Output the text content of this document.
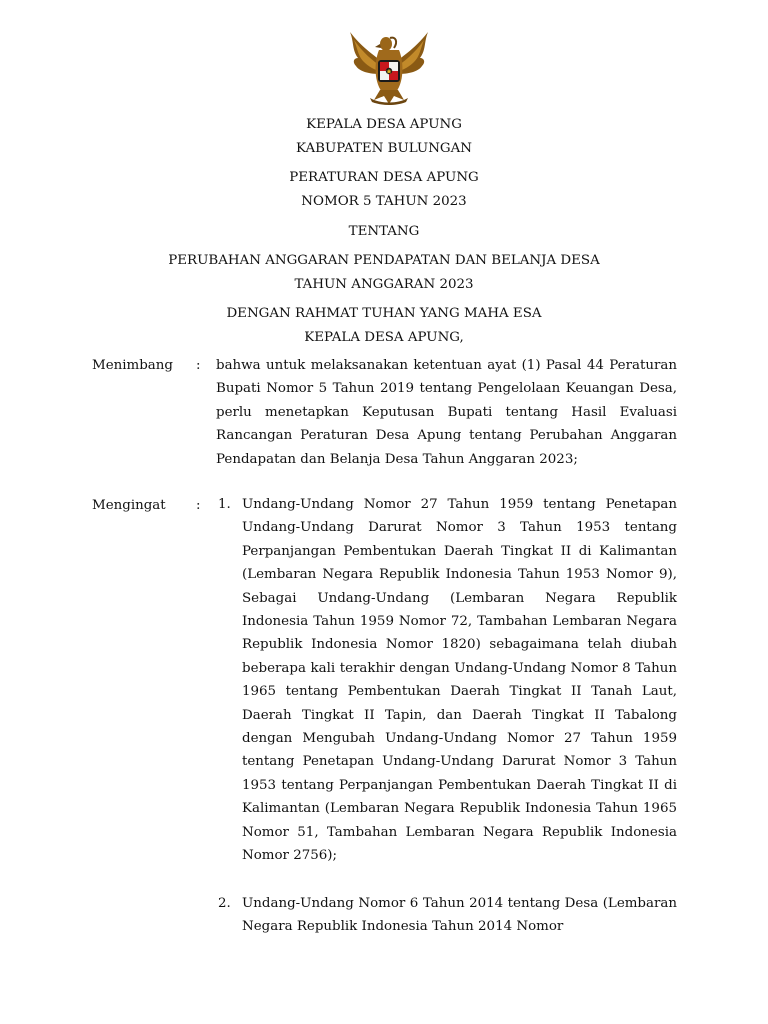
KEPALA DESA APUNG
KABUPATEN BULUNGAN
PERATURAN DESA APUNG
NOMOR 5 TAHUN 2023
TENTANG
PERUBAHAN ANGGARAN PENDAPATAN DAN BELANJA DESA
TAHUN ANGGARAN 2023
DENGAN RAHMAT TUHAN YANG MAHA ESA
KEPALA DESA APUNG,
Menimbang : bahwa untuk melaksanakan ketentuan ayat (1) Pasal 44 Peraturan Bupati Nomor 5 Tahun 2019 tentang Pengelolaan Keuangan Desa, perlu menetapkan Keputusan Bupati tentang Hasil Evaluasi Rancangan Peraturan Desa Apung tentang Perubahan Anggaran Pendapatan dan Belanja Desa Tahun Anggaran 2023;
Mengingat : 1. Undang-Undang Nomor 27 Tahun 1959 tentang Penetapan Undang-Undang Darurat Nomor 3 Tahun 1953 tentang Perpanjangan Pembentukan Daerah Tingkat II di Kalimantan (Lembaran Negara Republik Indonesia Tahun 1953 Nomor 9), Sebagai Undang-Undang (Lembaran Negara Republik Indonesia Tahun 1959 Nomor 72, Tambahan Lembaran Negara Republik Indonesia Nomor 1820) sebagaimana telah diubah beberapa kali terakhir dengan Undang-Undang Nomor 8 Tahun 1965 tentang Pembentukan Daerah Tingkat II Tanah Laut, Daerah Tingkat II Tapin, dan Daerah Tingkat II Tabalong dengan Mengubah Undang-Undang Nomor 27 Tahun 1959 tentang Penetapan Undang-Undang Darurat Nomor 3 Tahun 1953 tentang Perpanjangan Pembentukan Daerah Tingkat II di Kalimantan (Lembaran Negara Republik Indonesia Tahun 1965 Nomor 51, Tambahan Lembaran Negara Republik Indonesia Nomor 2756);
2. Undang-Undang Nomor 6 Tahun 2014 tentang Desa (Lembaran Negara Republik Indonesia Tahun 2014 Nomor
